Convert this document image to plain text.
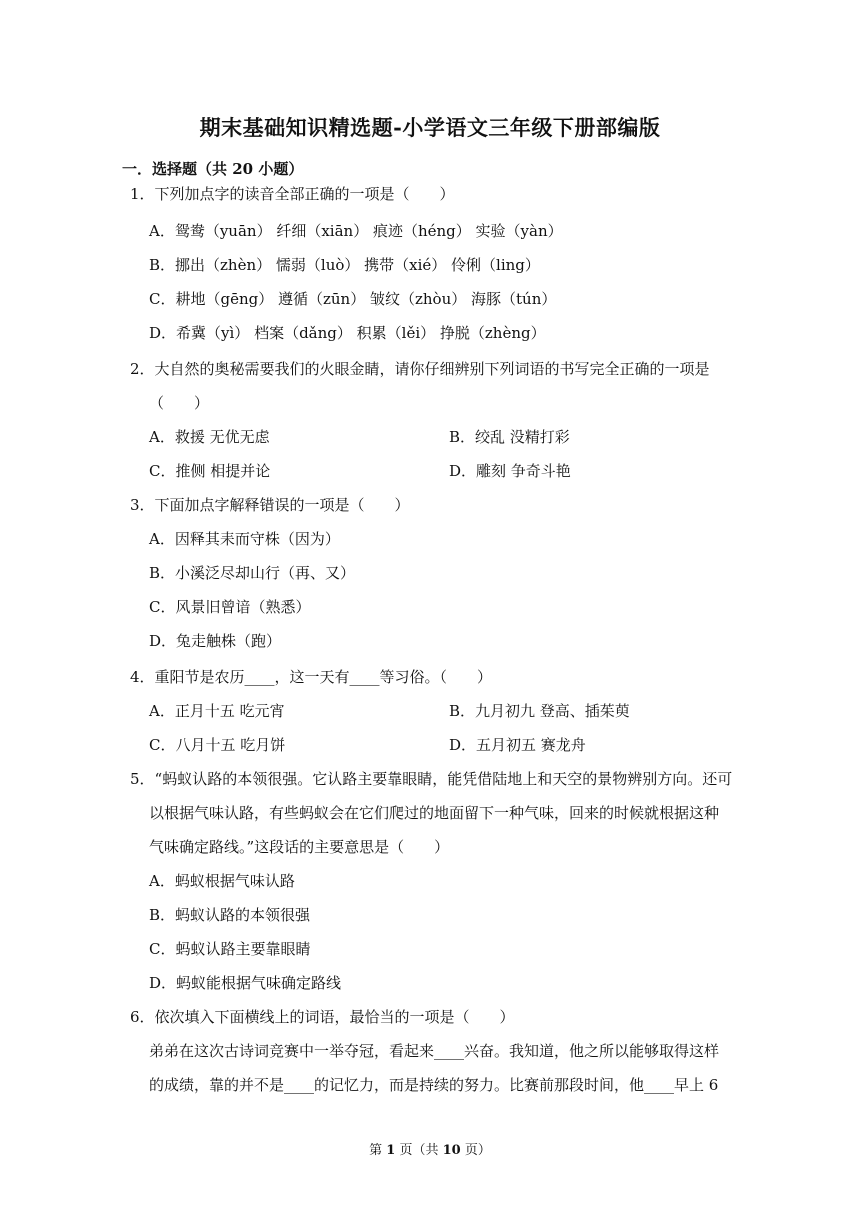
期末基础知识精选题-小学语文三年级下册部编版
一．选择题（共 20 小题）
1．下列加点字的读音全部正确的一项是（　　）
A．鸳鸯（yuān） 纤细（xiān） 痕迹（héng） 实验（yàn）
B．挪出（zhèn） 懦弱（luò） 携带（xié） 伶俐（ling）
C．耕地（gēng） 遵循（zūn） 皱纹（zhòu） 海豚（tún）
D．希冀（yì） 档案（dǎng） 积累（lěi） 挣脱（zhèng）
2．大自然的奥秘需要我们的火眼金睛，请你仔细辨别下列词语的书写完全正确的一项是
（　　）
A．救援 无优无虑	B．绞乱 没精打彩
C．推侧 相提并论	D．雕刻 争奇斗艳
3．下面加点字解释错误的一项是（　　）
A．因释其耒而守株（因为）
B．小溪泛尽却山行（再、又）
C．风景旧曾谙（熟悉）
D．兔走触株（跑）
4．重阳节是农历____，这一天有____等习俗。（　　）
A．正月十五 吃元宵	B．九月初九 登高、插茱萸
C．八月十五 吃月饼	D．五月初五 赛龙舟
5．“蚂蚁认路的本领很强。它认路主要靠眼睛，能凭借陆地上和天空的景物辨别方向。还可
以根据气味认路，有些蚂蚁会在它们爬过的地面留下一种气味，回来的时候就根据这种
气味确定路线。”这段话的主要意思是（　　）
A．蚂蚁根据气味认路
B．蚂蚁认路的本领很强
C．蚂蚁认路主要靠眼睛
D．蚂蚁能根据气味确定路线
6．依次填入下面横线上的词语，最恰当的一项是（　　）
弟弟在这次古诗词竞赛中一举夺冠，看起来____兴奋。我知道，他之所以能够取得这样
的成绩，靠的并不是____的记忆力，而是持续的努力。比赛前那段时间，他____早上 6
第 1 页（共 10 页）
